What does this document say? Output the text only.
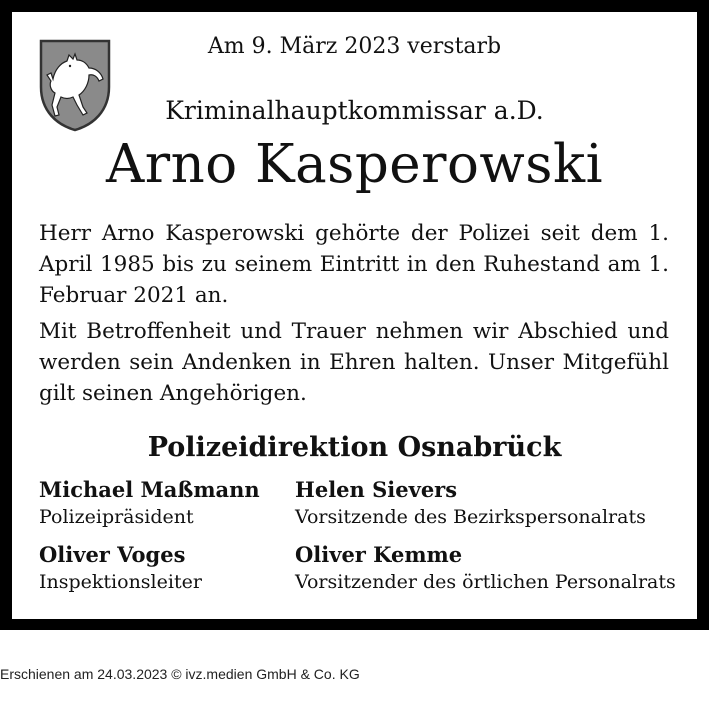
Am 9. März 2023 verstarb
Kriminalhauptkommissar a.D.
Arno Kasperowski
Herr Arno Kasperowski gehörte der Polizei seit dem 1. April 1985 bis zu seinem Eintritt in den Ruhestand am 1. Februar 2021 an.
Mit Betroffenheit und Trauer nehmen wir Abschied und werden sein Andenken in Ehren halten. Unser Mitgefühl gilt seinen Angehörigen.
Polizeidirektion Osnabrück
Michael Maßmann
Polizeipräsident
Helen Sievers
Vorsitzende des Bezirkspersonalrats
Oliver Voges
Inspektionsleiter
Oliver Kemme
Vorsitzender des örtlichen Personalrats
Erschienen am 24.03.2023 © ivz.medien GmbH & Co. KG
